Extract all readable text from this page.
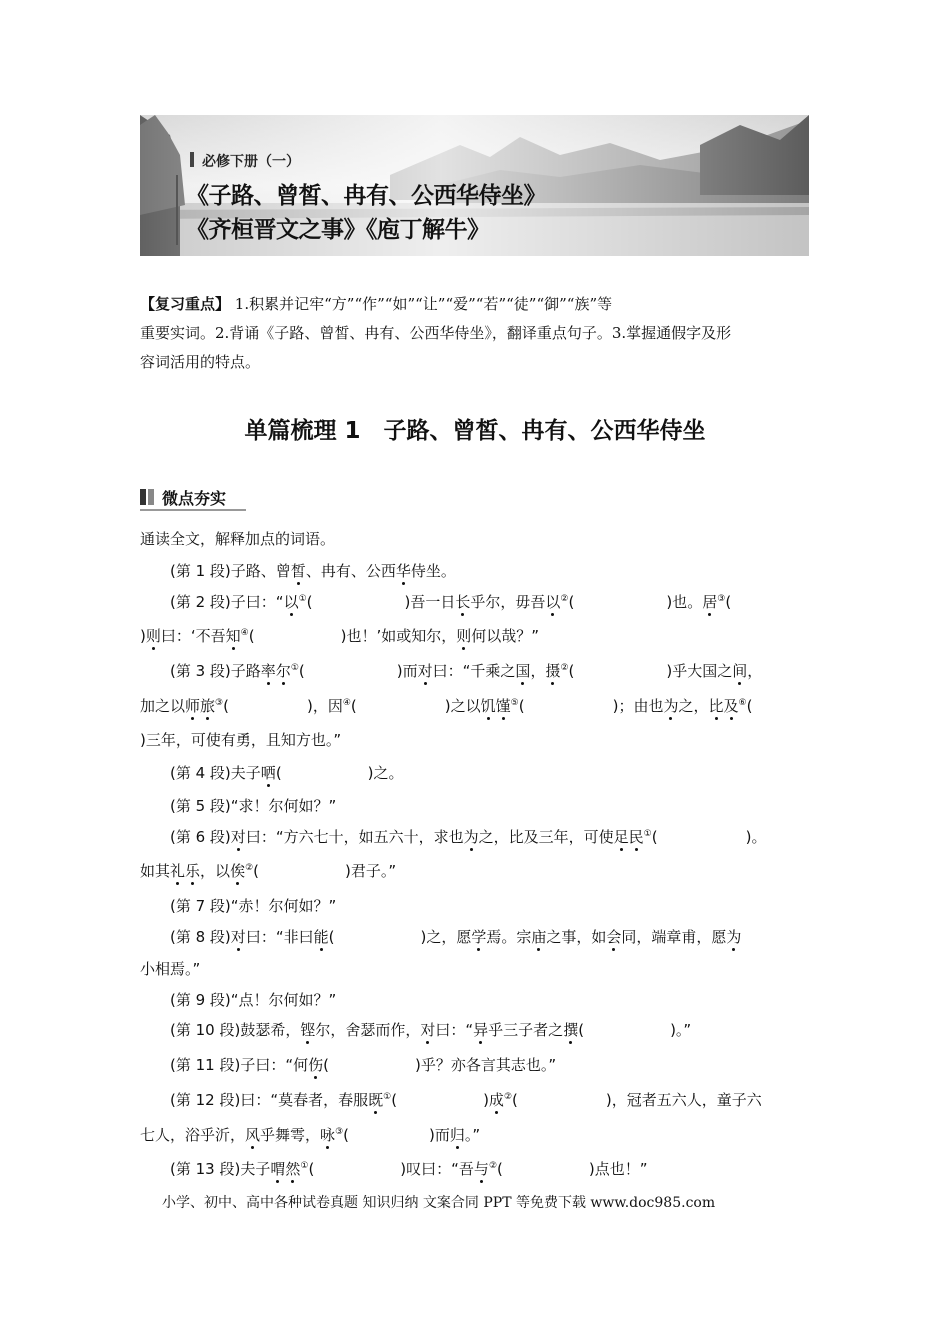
必修下册（一）
《子路、曾皙、冉有、公西华侍坐》
《齐桓晋文之事》《庖丁解牛》
【复习重点】 1.积累并记牢“方”“作”“如”“让”“爱”“若”“徒”“御”“族”等
重要实词。2.背诵《子路、曾皙、冉有、公西华侍坐》，翻译重点句子。3.掌握通假字及形
容词活用的特点。
单篇梳理 1　子路、曾皙、冉有、公西华侍坐
微点夯实
通读全文，解释加点的词语。
　　(第 1 段)子路、曾皙、冉有、公西华侍坐。
　　(第 2 段)子曰：“以①(	)吾一日长乎尔，毋吾以②(	)也。居③(
)则曰：‘不吾知④(	)也！’如或知尔，则何以哉？”
　　(第 3 段)子路率尔①(	)而对曰：“千乘之国，摄②(	)乎大国之间，
加之以师旅③(	)，因④(	)之以饥馑⑤(	)；由也为之，比及⑥(
)三年，可使有勇，且知方也。”
　　(第 4 段)夫子哂(	)之。
　　(第 5 段)“求！尔何如？”
　　(第 6 段)对曰：“方六七十，如五六十，求也为之，比及三年，可使足民①(	)。
如其礼乐，以俟②(	)君子。”
　　(第 7 段)“赤！尔何如？”
　　(第 8 段)对曰：“非曰能(	)之，愿学焉。宗庙之事，如会同，端章甫，愿为
小相焉。”
　　(第 9 段)“点！尔何如？”
　　(第 10 段)鼓瑟希，铿尔，舍瑟而作，对曰：“异乎三子者之撰(	)。”
　　(第 11 段)子曰：“何伤(	)乎？亦各言其志也。”
　　(第 12 段)曰：“莫春者，春服既①(	)成②(	)，冠者五六人，童子六
七人，浴乎沂，风乎舞雩，咏③(	)而归。”
　　(第 13 段)夫子喟然①(	)叹曰：“吾与②(	)点也！”
小学、初中、高中各种试卷真题 知识归纳 文案合同 PPT 等免费下载 www.doc985.com
